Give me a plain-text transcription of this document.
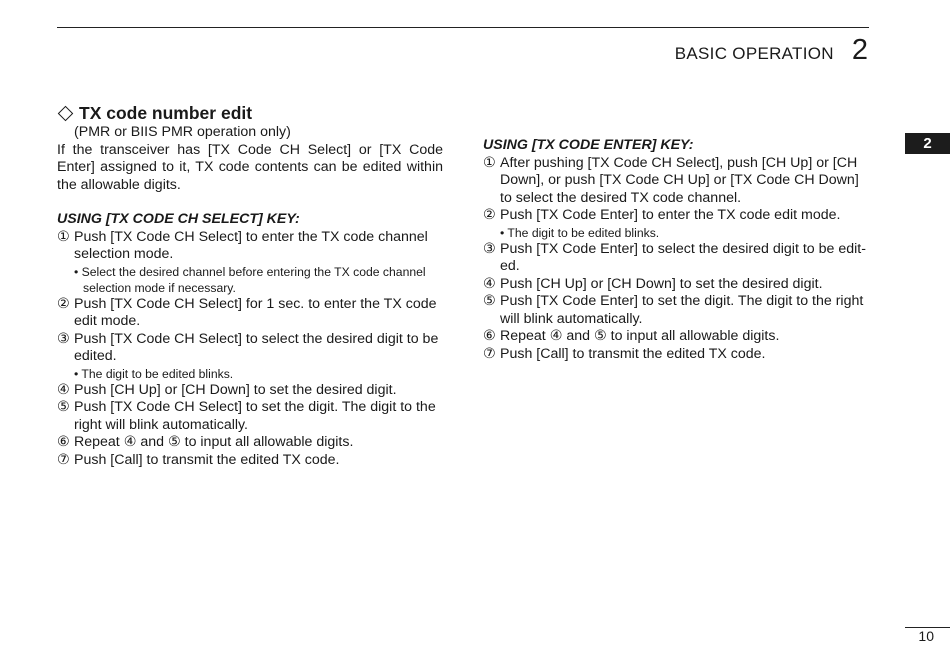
BASIC OPERATION 2
2
TX code number edit
(PMR or BIIS PMR operation only)
If the transceiver has [TX Code CH Select] or [TX Code Enter] assigned to it, TX code contents can be edited within the allowable digits.
USING [TX CODE CH SELECT] KEY:
① Push [TX Code CH Select] to enter the TX code channel selection mode.
• Select the desired channel before entering the TX code channel selection mode if necessary.
② Push [TX Code CH Select] for 1 sec. to enter the TX code edit mode.
③ Push [TX Code CH Select] to select the desired digit to be edited.
• The digit to be edited blinks.
④ Push [CH Up] or [CH Down] to set the desired digit.
⑤ Push [TX Code CH Select] to set the digit. The digit to the right will blink automatically.
⑥ Repeat ④ and ⑤ to input all allowable digits.
⑦ Push [Call] to transmit the edited TX code.
USING [TX CODE ENTER] KEY:
① After pushing [TX Code CH Select], push [CH Up] or [CH Down], or push [TX Code CH Up] or [TX Code CH Down] to select the desired TX code channel.
② Push [TX Code Enter] to enter the TX code edit mode.
• The digit to be edited blinks.
③ Push [TX Code Enter] to select the desired digit to be edit-ed.
④ Push [CH Up] or [CH Down] to set the desired digit.
⑤ Push [TX Code Enter] to set the digit. The digit to the right will blink automatically.
⑥ Repeat ④ and ⑤ to input all allowable digits.
⑦ Push [Call] to transmit the edited TX code.
10
